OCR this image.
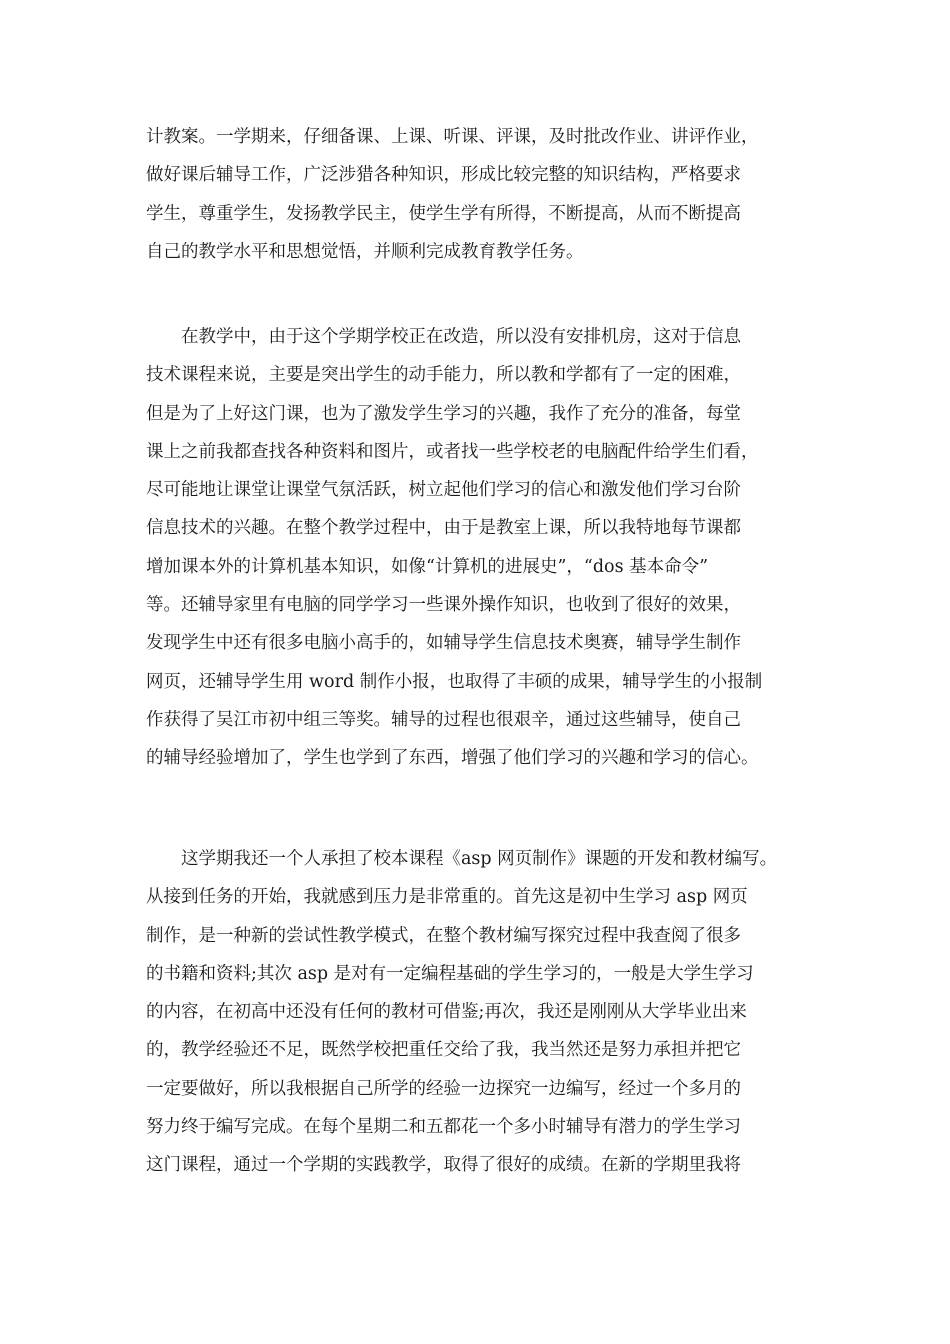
计教案。一学期来，仔细备课、上课、听课、评课，及时批改作业、讲评作业，
做好课后辅导工作，广泛涉猎各种知识，形成比较完整的知识结构，严格要求
学生，尊重学生，发扬教学民主，使学生学有所得，不断提高，从而不断提高
自己的教学水平和思想觉悟，并顺利完成教育教学任务。
　　在教学中，由于这个学期学校正在改造，所以没有安排机房，这对于信息
技术课程来说，主要是突出学生的动手能力，所以教和学都有了一定的困难，
但是为了上好这门课，也为了激发学生学习的兴趣，我作了充分的准备，每堂
课上之前我都查找各种资料和图片，或者找一些学校老的电脑配件给学生们看，
尽可能地让课堂让课堂气氛活跃，树立起他们学习的信心和激发他们学习台阶
信息技术的兴趣。在整个教学过程中，由于是教室上课，所以我特地每节课都
增加课本外的计算机基本知识，如像“计算机的进展史”，“dos 基本命令”
等。还辅导家里有电脑的同学学习一些课外操作知识，也收到了很好的效果，
发现学生中还有很多电脑小高手的，如辅导学生信息技术奥赛，辅导学生制作
网页，还辅导学生用 word 制作小报，也取得了丰硕的成果，辅导学生的小报制
作获得了吴江市初中组三等奖。辅导的过程也很艰辛，通过这些辅导，使自己
的辅导经验增加了，学生也学到了东西，增强了他们学习的兴趣和学习的信心。
　　这学期我还一个人承担了校本课程《asp 网页制作》课题的开发和教材编写。
从接到任务的开始，我就感到压力是非常重的。首先这是初中生学习 asp 网页
制作，是一种新的尝试性教学模式，在整个教材编写探究过程中我查阅了很多
的书籍和资料;其次 asp 是对有一定编程基础的学生学习的，一般是大学生学习
的内容，在初高中还没有任何的教材可借鉴;再次，我还是刚刚从大学毕业出来
的，教学经验还不足，既然学校把重任交给了我，我当然还是努力承担并把它
一定要做好，所以我根据自己所学的经验一边探究一边编写，经过一个多月的
努力终于编写完成。在每个星期二和五都花一个多小时辅导有潜力的学生学习
这门课程，通过一个学期的实践教学，取得了很好的成绩。在新的学期里我将
